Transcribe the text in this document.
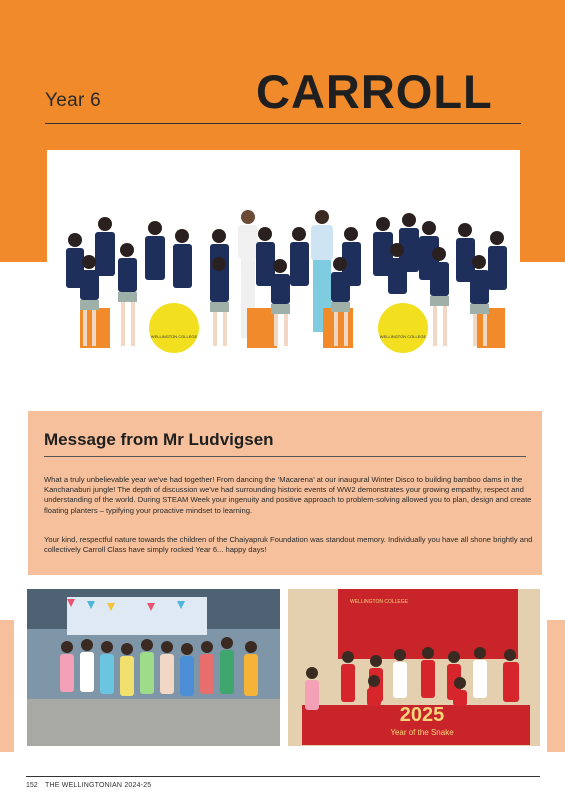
Year 6	CARROLL
WELLINGTON COLLEGE	WELLINGTON COLLEGE
Message from Mr Ludvigsen

What a truly unbelievable year we've had together! From dancing the ‘Macarena’ at our inaugural Winter Disco to building bamboo dams in the Kanchanaburi jungle! The depth of discussion we've had surrounding historic events of WW2 demonstrates your growing empathy, respect and understanding of the world. During STEAM Week your ingenuity and positive approach to problem-solving allowed you to plan, design and create floating planters – typifying your proactive mindset to learning.

Your kind, respectful nature towards the children of the Chaiyapruk Foundation was standout memory. Individually you have all shone brightly and collectively Carroll Class have simply rocked Year 6... happy days!

WELLINGTON COLLEGE
2025
Year of the Snake
152 THE WELLINGTONIAN 2024-25
